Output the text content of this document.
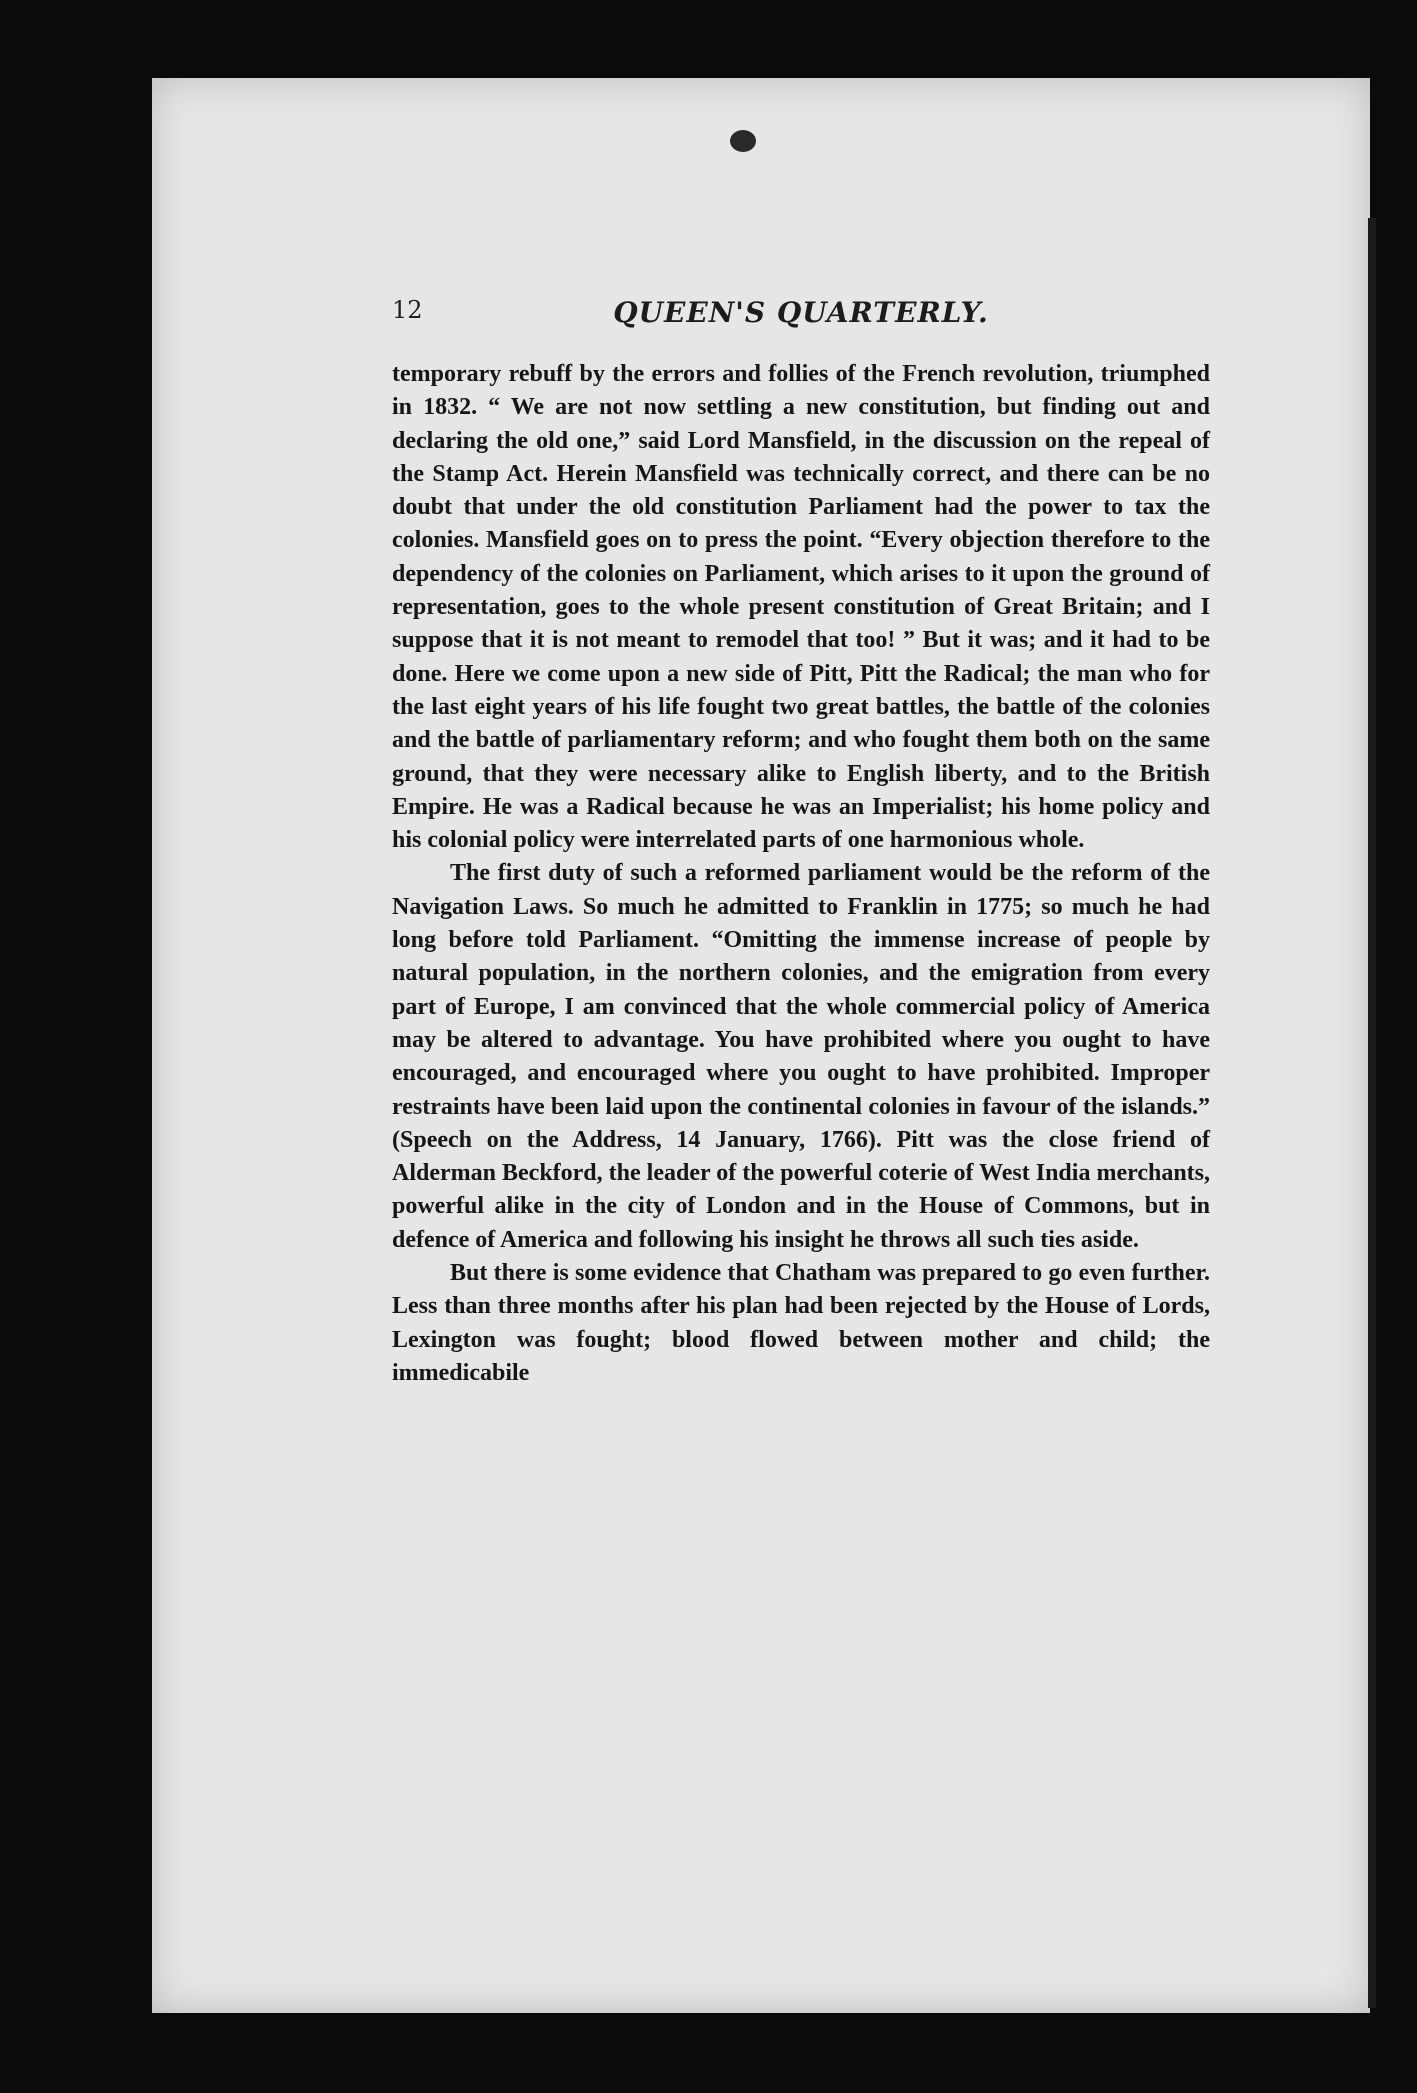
12	QUEEN'S QUARTERLY.

temporary rebuff by the errors and follies of the French revolution, triumphed in 1832. “ We are not now settling a new constitution, but finding out and declaring the old one,” said Lord Mansfield, in the discussion on the repeal of the Stamp Act. Herein Mansfield was technically correct, and there can be no doubt that under the old constitution Parliament had the power to tax the colonies. Mansfield goes on to press the point. “Every objection therefore to the dependency of the colonies on Parliament, which arises to it upon the ground of representation, goes to the whole present constitution of Great Britain; and I suppose that it is not meant to remodel that too! ” But it was; and it had to be done. Here we come upon a new side of Pitt, Pitt the Radical; the man who for the last eight years of his life fought two great battles, the battle of the colonies and the battle of parliamentary reform; and who fought them both on the same ground, that they were necessary alike to English liberty, and to the British Empire. He was a Radical because he was an Imperialist; his home policy and his colonial policy were interrelated parts of one harmonious whole.

The first duty of such a reformed parliament would be the reform of the Navigation Laws. So much he admitted to Franklin in 1775; so much he had long before told Parliament. “Omitting the immense increase of people by natural population, in the northern colonies, and the emigration from every part of Europe, I am convinced that the whole commercial policy of America may be altered to advantage. You have prohibited where you ought to have encouraged, and encouraged where you ought to have prohibited. Improper restraints have been laid upon the continental colonies in favour of the islands.” (Speech on the Address, 14 January, 1766). Pitt was the close friend of Alderman Beckford, the leader of the powerful coterie of West India merchants, powerful alike in the city of London and in the House of Commons, but in defence of America and following his insight he throws all such ties aside.

But there is some evidence that Chatham was prepared to go even further. Less than three months after his plan had been rejected by the House of Lords, Lexington was fought; blood flowed between mother and child; the immedicabile
